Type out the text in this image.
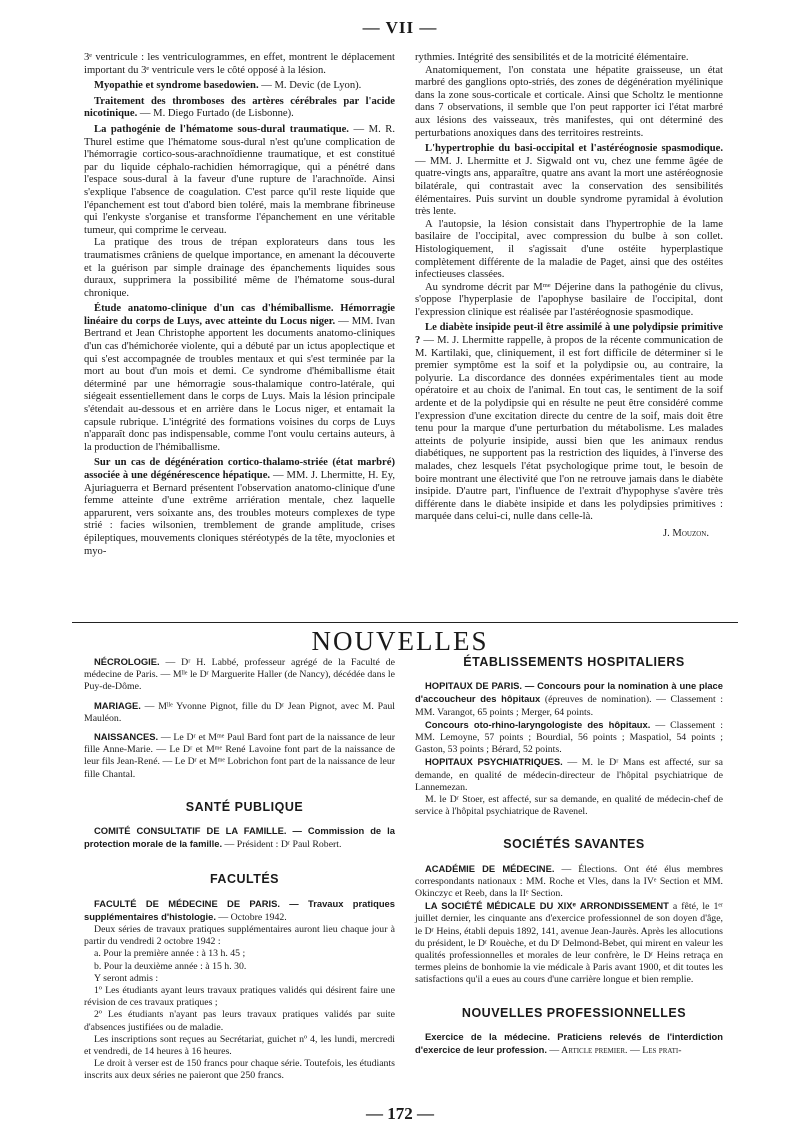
— VII —

3ᵉ ventricule : les ventriculogrammes, en effet, montrent le déplacement important du 3ᵉ ventricule vers le côté opposé à la lésion.

Myopathie et syndrome basedowien. — M. Devic (de Lyon).

Traitement des thromboses des artères cérébrales par l'acide nicotinique. — M. Diego Furtado (de Lisbonne).

La pathogénie de l'hématome sous-dural traumatique. — M. R. Thurel estime que l'hématome sous-dural n'est qu'une complication de l'hémorragie cortico-sous-arachnoïdienne traumatique, et est constitué par du liquide céphalo-rachidien hémorragique, qui a pénétré dans l'espace sous-dural à la faveur d'une rupture de l'arachnoïde. Ainsi s'explique l'absence de coagulation. C'est parce qu'il reste liquide que l'épanchement est tout d'abord bien toléré, mais la membrane fibrineuse qui l'enkyste s'organise et transforme l'épanchement en une véritable tumeur, qui comprime le cerveau.

La pratique des trous de trépan explorateurs dans tous les traumatismes crâniens de quelque importance, en amenant la découverte et la guérison par simple drainage des épanchements liquides sous duraux, supprimera la possibilité même de l'hématome sous-dural chronique.

Étude anatomo-clinique d'un cas d'hémiballisme. Hémorragie linéaire du corps de Luys, avec atteinte du Locus niger. — MM. Ivan Bertrand et Jean Christophe apportent les documents anatomo-cliniques d'un cas d'hémichorée violente, qui a débuté par un ictus apoplectique et qui s'est accompagnée de troubles mentaux et qui s'est terminée par la mort au bout d'un mois et demi. Ce syndrome d'hémiballisme était déterminé par une hémorragie sous-thalamique contro-latérale, qui siégeait essentiellement dans le corps de Luys. Mais la lésion principale s'étendait au-dessous et en arrière dans le Locus niger, et entamait la capsule rubrique. L'intégrité des formations voisines du corps de Luys n'apparaît donc pas indispensable, comme l'ont voulu certains auteurs, à la production de l'hémiballisme.

Sur un cas de dégénération cortico-thalamo-striée (état marbré) associée à une dégénérescence hépatique. — MM. J. Lhermitte, H. Ey, Ajuriaguerra et Bernard présentent l'observation anatomo-clinique d'une femme atteinte d'une extrême arriération mentale, chez laquelle apparurent, vers soixante ans, des troubles moteurs complexes de type strié : facies wilsonien, tremblement de grande amplitude, crises épileptiques, mouvements cloniques stéréotypés de la tête, myoclonies et myo-

rythmies. Intégrité des sensibilités et de la motricité élémentaire.

Anatomiquement, l'on constata une hépatite graisseuse, un état marbré des ganglions opto-striés, des zones de dégénération myélinique dans la zone sous-corticale et corticale. Ainsi que Scholtz le mentionne dans 7 observations, il semble que l'on peut rapporter ici l'état marbré aux lésions des vaisseaux, très manifestes, qui ont déterminé des perturbations anoxiques dans des territoires restreints.

L'hypertrophie du basi-occipital et l'astéréognosie spasmodique. — MM. J. Lhermitte et J. Sigwald ont vu, chez une femme âgée de quatre-vingts ans, apparaître, quatre ans avant la mort une astéréognosie bilatérale, qui contrastait avec la conservation des sensibilités élémentaires. Puis survint un double syndrome pyramidal à évolution très lente.

A l'autopsie, la lésion consistait dans l'hypertrophie de la lame basilaire de l'occipital, avec compression du bulbe à son collet. Histologiquement, il s'agissait d'une ostéite hyperplastique complètement différente de la maladie de Paget, ainsi que des ostéites infectieuses classées.

Au syndrome décrit par Mᵐᵉ Déjerine dans la pathogénie du clivus, s'oppose l'hyperplasie de l'apophyse basilaire de l'occipital, dont l'expression clinique est réalisée par l'astéréognosie spasmodique.

Le diabète insipide peut-il être assimilé à une polydipsie primitive ? — M. J. Lhermitte rappelle, à propos de la récente communication de M. Kartilaki, que, cliniquement, il est fort difficile de déterminer si le premier symptôme est la soif et la polydipsie ou, au contraire, la polyurie. La discordance des données expérimentales tient au mode opératoire et au choix de l'animal. En tout cas, le sentiment de la soif ardente et de la polydipsie qui en résulte ne peut être considéré comme l'expression d'une excitation directe du centre de la soif, mais doit être tenu pour la marque d'une perturbation du métabolisme. Les malades atteints de polyurie insipide, aussi bien que les animaux rendus diabétiques, ne supportent pas la restriction des liquides, à l'inverse des malades, chez lesquels l'état psychologique prime tout, le besoin de boire montrant une électivité que l'on ne retrouve jamais dans le diabète insipide. D'autre part, l'influence de l'extrait d'hypophyse s'avère très différente dans le diabète insipide et dans les polydipsies primitives : marquée dans celui-ci, nulle dans celle-là.

J. Mouzon.

NOUVELLES

NÉCROLOGIE. — Dʳ H. Labbé, professeur agrégé de la Faculté de médecine de Paris. — Mˡˡᵉ le Dʳ Marguerite Haller (de Nancy), décédée dans le Puy-de-Dôme.

MARIAGE. — Mˡˡᵉ Yvonne Pignot, fille du Dʳ Jean Pignot, avec M. Paul Mauléon.

NAISSANCES. — Le Dʳ et Mᵐᵉ Paul Bard font part de la naissance de leur fille Anne-Marie. — Le Dʳ et Mᵐᵉ René Lavoine font part de la naissance de leur fils Jean-René. — Le Dʳ et Mᵐᵉ Lobrichon font part de la naissance de leur fille Chantal.

SANTÉ PUBLIQUE

COMITÉ CONSULTATIF DE LA FAMILLE. — Commission de la protection morale de la famille. — Président : Dʳ Paul Robert.

FACULTÉS

FACULTÉ DE MÉDECINE DE PARIS. — Travaux pratiques supplémentaires d'histologie. — Octobre 1942.

Deux séries de travaux pratiques supplémentaires auront lieu chaque jour à partir du vendredi 2 octobre 1942 :

a. Pour la première année : à 13 h. 45 ;

b. Pour la deuxième année : à 15 h. 30.

Y seront admis :

1º Les étudiants ayant leurs travaux pratiques validés qui désirent faire une révision de ces travaux pratiques ;

2º Les étudiants n'ayant pas leurs travaux pratiques validés par suite d'absences justifiées ou de maladie.

Les inscriptions sont reçues au Secrétariat, guichet nº 4, les lundi, mercredi et vendredi, de 14 heures à 16 heures.

Le droit à verser est de 150 francs pour chaque série. Toutefois, les étudiants inscrits aux deux séries ne paieront que 250 francs.

ÉTABLISSEMENTS HOSPITALIERS

HOPITAUX DE PARIS. — Concours pour la nomination à une place d'accoucheur des hôpitaux (épreuves de nomination). — Classement : MM. Varangot, 65 points ; Merger, 64 points.

Concours oto-rhino-laryngologiste des hôpitaux. — Classement : MM. Lemoyne, 57 points ; Bourdial, 56 points ; Maspatiol, 54 points ; Gaston, 53 points ; Bérard, 52 points.

HOPITAUX PSYCHIATRIQUES. — M. le Dʳ Mans est affecté, sur sa demande, en qualité de médecin-directeur de l'hôpital psychiatrique de Lannemezan.

M. le Dʳ Stoer, est affecté, sur sa demande, en qualité de médecin-chef de service à l'hôpital psychiatrique de Ravenel.

SOCIÉTÉS SAVANTES

ACADÉMIE DE MÉDECINE. — Élections. Ont été élus membres correspondants nationaux : MM. Roche et Vles, dans la IVᵉ Section et MM. Okinczyc et Reeb, dans la IIᵉ Section.

LA SOCIÉTÉ MÉDICALE DU XIXᵉ ARRONDISSEMENT a fêté, le 1ᵉʳ juillet dernier, les cinquante ans d'exercice professionnel de son doyen d'âge, le Dʳ Heins, établi depuis 1892, 141, avenue Jean-Jaurès. Après les allocutions du président, le Dʳ Rouèche, et du Dʳ Delmond-Bebet, qui mirent en valeur les qualités professionnelles et morales de leur confrère, le Dʳ Heins retraça en termes pleins de bonhomie la vie médicale à Paris avant 1900, et dit toutes les satisfactions qu'il a eues au cours d'une carrière longue et bien remplie.

NOUVELLES PROFESSIONNELLES

Exercice de la médecine. Praticiens relevés de l'interdiction d'exercice de leur profession. — Article premier. — Les prati-

— 172 —
